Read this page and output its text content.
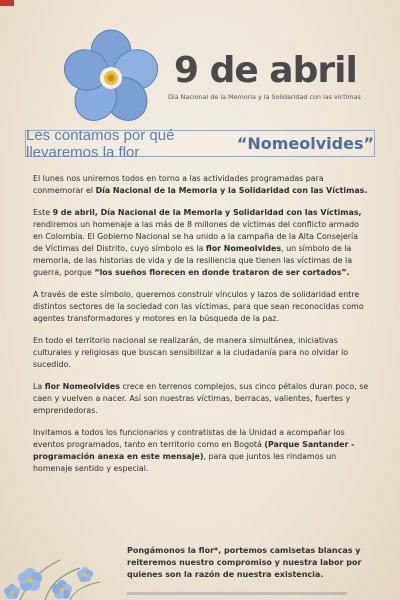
9 de abril
Día Nacional de la Memoria y la Solidaridad con las víctimas
Les contamos por qué llevaremos la flor	“Nomeolvides”

El lunes nos uniremos todos en torno a las actividades programadas para conmemorar el Día Nacional de la Memoria y la Solidaridad con las Víctimas.

Este 9 de abril, Día Nacional de la Memoria y Solidaridad con las Víctimas, rendiremos un homenaje a las más de 8 millones de víctimas del conflicto armado en Colombia. El Gobierno Nacional se ha unido a la campaña de la Alta Consejería de Víctimas del Distrito, cuyo símbolo es la flor Nomeolvides, un símbolo de la memoria, de las historias de vida y de la resiliencia que tienen las víctimas de la guerra, porque “los sueños florecen en donde trataron de ser cortados”.

A través de este símbolo, queremos construir vínculos y lazos de solidaridad entre distintos sectores de la sociedad con las víctimas, para que sean reconocidas como agentes transformadores y motores en la búsqueda de la paz.

En todo el territorio nacional se realizarán, de manera simultánea, iniciativas culturales y religiosas que buscan sensibilizar a la ciudadanía para no olvidar lo sucedido.

La flor Nomeolvides crece en terrenos complejos, sus cinco pétalos duran poco, se caen y vuelven a nacer. Así son nuestras víctimas, berracas, valientes, fuertes y emprendedoras.

Invitamos a todos los funcionarios y contratistas de la Unidad a acompañar los eventos programados, tanto en territorio como en Bogotá (Parque Santander - programación anexa en este mensaje), para que juntos les rindamos un homenaje sentido y especial.

Pongámonos la flor*, portemos camisetas blancas y reiteremos nuestro compromiso y nuestra labor por quienes son la razón de nuestra existencia.
